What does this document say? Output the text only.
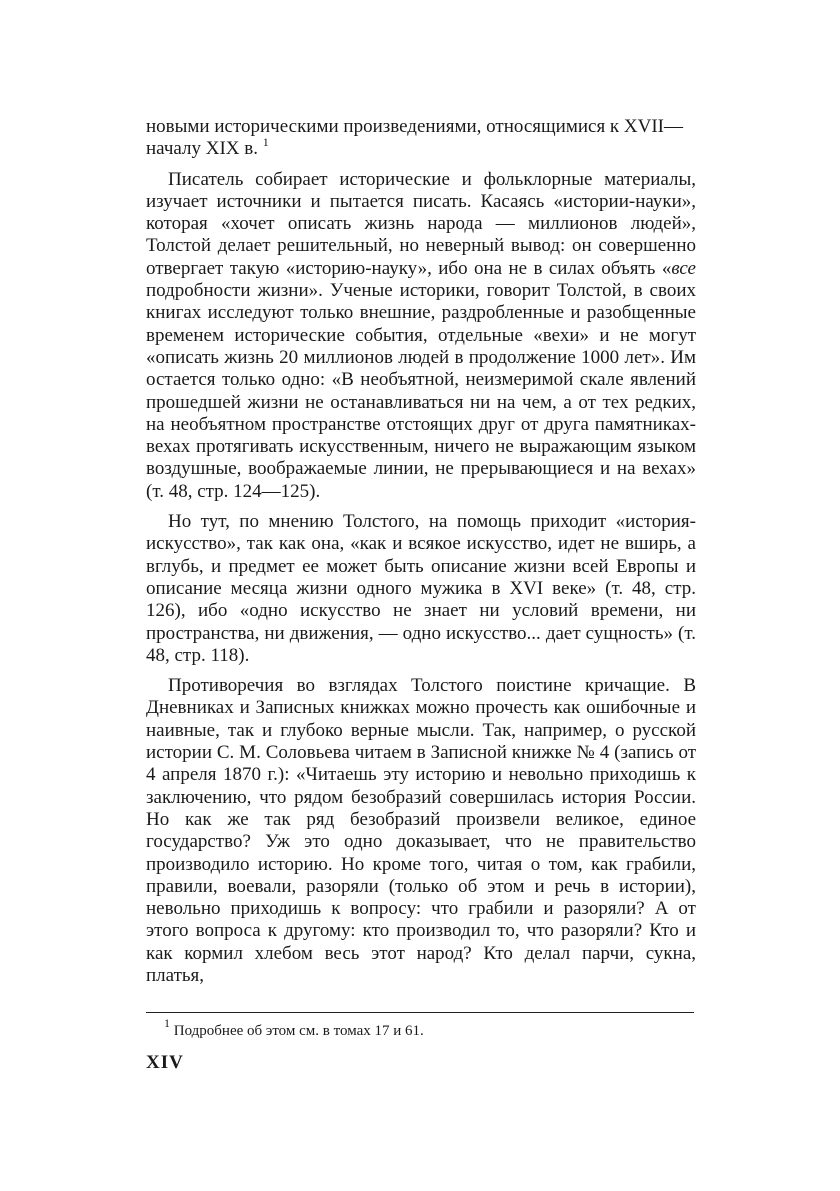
новыми историческими произведениями, относящимися к XVII—
началу XIX в. $^1$

Писатель собирает исторические и фольклорные материалы, изучает источники и пытается писать. Касаясь «истории-науки», которая «хочет описать жизнь народа — миллионов людей», Толстой делает решительный, но неверный вывод: он совершенно отвергает такую «историю-науку», ибо она не в силах объять «все подробности жизни». Ученые историки, говорит Толстой, в своих книгах исследуют только внешние, раздробленные и разобщенные временем исторические события, отдельные «вехи» и не могут «описать жизнь 20 миллионов людей в продолжение 1000 лет». Им остается только одно: «В необъятной, неизмеримой скале явлений прошедшей жизни не останавливаться ни на чем, а от тех редких, на необъятном пространстве отстоящих друг от друга памятниках-вехах протягивать искусственным, ничего не выражающим языком воздушные, воображаемые линии, не прерывающиеся и на вехах» (т. 48, стр. 124—125).

Но тут, по мнению Толстого, на помощь приходит «история-искусство», так как она, «как и всякое искусство, идет не вширь, а вглубь, и предмет ее может быть описание жизни всей Европы и описание месяца жизни одного мужика в XVI веке» (т. 48, стр. 126), ибо «одно искусство не знает ни условий времени, ни пространства, ни движения, — одно искусство... дает сущность» (т. 48, стр. 118).

Противоречия во взглядах Толстого поистине кричащие. В Дневниках и Записных книжках можно прочесть как ошибочные и наивные, так и глубоко верные мысли. Так, например, о русской истории С. М. Соловьева читаем в Записной книжке № 4 (запись от 4 апреля 1870 г.): «Читаешь эту историю и невольно приходишь к заключению, что рядом безобразий совершилась история России. Но как же так ряд безобразий произвели великое, единое государство? Уж это одно доказывает, что не правительство производило историю. Но кроме того, читая о том, как грабили, правили, воевали, разоряли (только об этом и речь в истории), невольно приходишь к вопросу: что грабили и разоряли? А от этого вопроса к другому: кто производил то, что разоряли? Кто и как кормил хлебом весь этот народ? Кто делал парчи, сукна, платья,

$^1$ Подробнее об этом см. в томах 17 и 61.
XIV
